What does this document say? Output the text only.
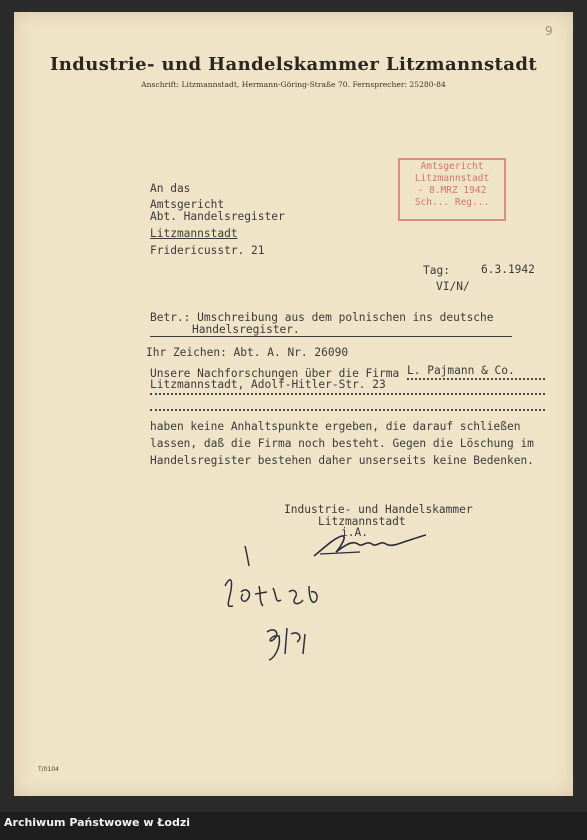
9
Industrie- und Handelskammer Litzmannstadt
Anschrift: Litzmannstadt, Hermann-Göring-Straße 70. Fernsprecher: 25280-84
Amtsgericht
Litzmannstadt
- 8.MRZ 1942
Sch... Reg...
An das
Amtsgericht
Abt. Handelsregister
Litzmannstadt
Fridericusstr. 21
Tag:	6.3.1942
VI/N/
Betr.: Umschreibung aus dem polnischen ins deutsche
Handelsregister.
Ihr Zeichen: Abt. A. Nr. 26090
Unsere Nachforschungen über die Firma L. Pajmann & Co.
Litzmannstadt, Adolf-Hitler-Str. 23
haben keine Anhaltspunkte ergeben, die darauf schließen
lassen, daß die Firma noch besteht. Gegen die Löschung im
Handelsregister bestehen daher unserseits keine Bedenken.
Industrie- und Handelskammer
Litzmannstadt
i.A.
T/0104
Archiwum Państwowe w Łodzi
